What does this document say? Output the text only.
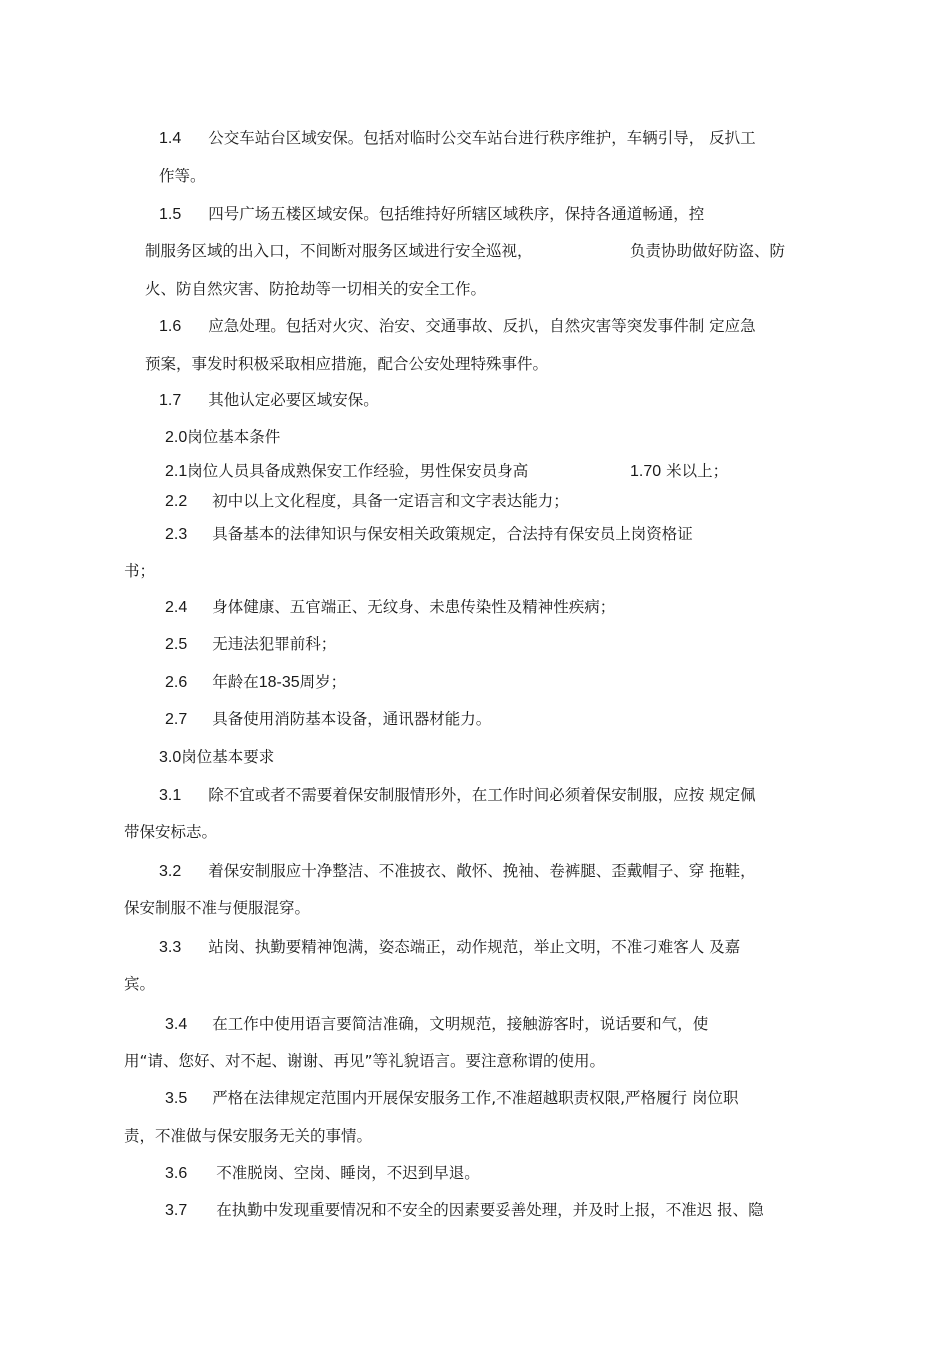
1.4 公交车站台区域安保。包括对临时公交车站台进行秩序维护，车辆引导， 反扒工
作等。
1.5 四号广场五楼区域安保。包括维持好所辖区域秩序，保持各通道畅通，控
制服务区域的出入口，不间断对服务区域进行安全巡视，	负责协助做好防盗、防
火、防自然灾害、防抢劫等一切相关的安全工作。
1.6 应急处理。包括对火灾、治安、交通事故、反扒，自然灾害等突发事件制 定应急
预案，事发时积极采取相应措施，配合公安处理特殊事件。
1.7 其他认定必要区域安保。
2.0岗位基本条件
2.1岗位人员具备成熟保安工作经验，男性保安员身高	1.70 米以上；
2.2 初中以上文化程度，具备一定语言和文字表达能力；
2.3 具备基本的法律知识与保安相关政策规定，合法持有保安员上岗资格证
书；
2.4 身体健康、五官端正、无纹身、未患传染性及精神性疾病；
2.5 无违法犯罪前科；
2.6 年龄在18-35周岁；
2.7 具备使用消防基本设备，通讯器材能力。
3.0岗位基本要求
3.1 除不宜或者不需要着保安制服情形外，在工作时间必须着保安制服，应按 规定佩
带保安标志。
3.2 着保安制服应十净整洁、不准披衣、敞怀、挽袖、卷裤腿、歪戴帽子、穿 拖鞋，
保安制服不准与便服混穿。
3.3 站岗、执勤要精神饱满，姿态端正，动作规范，举止文明，不准刁难客人 及嘉
宾。
3.4 在工作中使用语言要简洁准确，文明规范，接触游客时，说话要和气，使
用“请、您好、对不起、谢谢、再见”等礼貌语言。要注意称谓的使用。
3.5 严格在法律规定范围内开展保安服务工作,不准超越职责权限,严格履行 岗位职
责，不准做与保安服务无关的事情。
3.6 不准脱岗、空岗、睡岗，不迟到早退。
3.7 在执勤中发现重要情况和不安全的因素要妥善处理，并及时上报，不准迟 报、隐
